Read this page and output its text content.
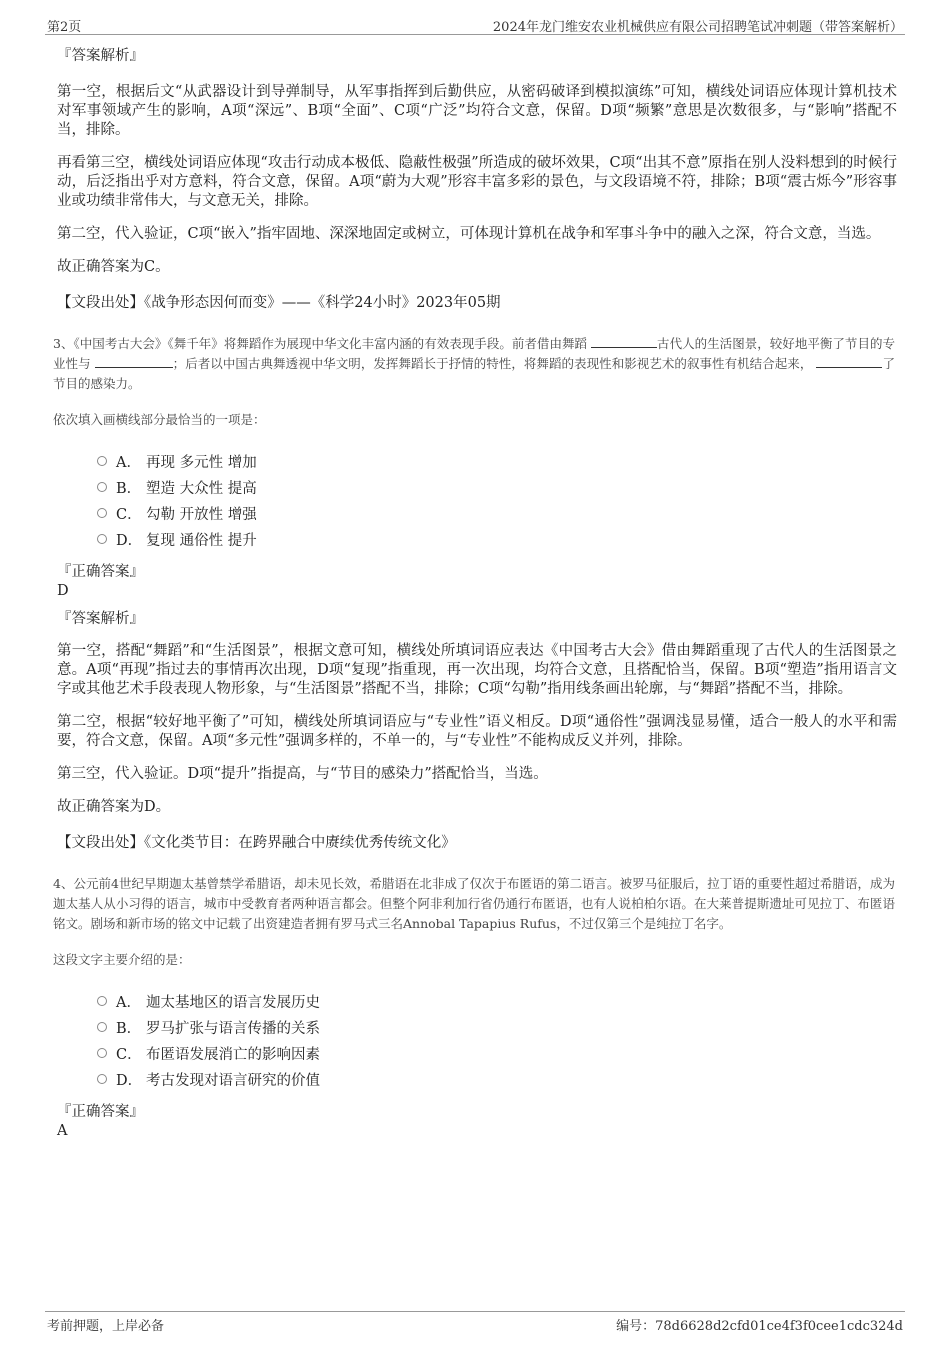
第2页	2024年龙门维安农业机械供应有限公司招聘笔试冲刺题（带答案解析）
『答案解析』

第一空，根据后文“从武器设计到导弹制导，从军事指挥到后勤供应，从密码破译到模拟演练”可知，横线处词语应体现计算机技术对军事领域产生的影响，A项“深远”、B项“全面”、C项“广泛”均符合文意，保留。D项“频繁”意思是次数很多，与“影响”搭配不当，排除。

再看第三空，横线处词语应体现“攻击行动成本极低、隐蔽性极强”所造成的破坏效果，C项“出其不意”原指在别人没料想到的时候行动，后泛指出乎对方意料，符合文意，保留。A项“蔚为大观”形容丰富多彩的景色，与文段语境不符，排除；B项“震古烁今”形容事业或功绩非常伟大，与文意无关，排除。

第二空，代入验证，C项“嵌入”指牢固地、深深地固定或树立，可体现计算机在战争和军事斗争中的融入之深，符合文意，当选。

故正确答案为C。

【文段出处】《战争形态因何而变》——《科学24小时》2023年05期
3、《中国考古大会》《舞千年》将舞蹈作为展现中华文化丰富内涵的有效表现手段。前者借由舞蹈	古代人的生活图景，较好地平衡了节目的专业性与	；后者以中国古典舞透视中华文明，发挥舞蹈长于抒情的特性，将舞蹈的表现性和影视艺术的叙事性有机结合起来，	了节目的感染力。
依次填入画横线部分最恰当的一项是：
A． 再现 多元性 增加
B． 塑造 大众性 提高
C． 勾勒 开放性 增强
D． 复现 通俗性 提升
『正确答案』
D
『答案解析』

第一空，搭配“舞蹈”和“生活图景”，根据文意可知，横线处所填词语应表达《中国考古大会》借由舞蹈重现了古代人的生活图景之意。A项“再现”指过去的事情再次出现，D项“复现”指重现，再一次出现，均符合文意，且搭配恰当，保留。B项“塑造”指用语言文字或其他艺术手段表现人物形象，与“生活图景”搭配不当，排除；C项“勾勒”指用线条画出轮廓，与“舞蹈”搭配不当，排除。

第二空，根据“较好地平衡了”可知，横线处所填词语应与“专业性”语义相反。D项“通俗性”强调浅显易懂，适合一般人的水平和需要，符合文意，保留。A项“多元性”强调多样的，不单一的，与“专业性”不能构成反义并列，排除。

第三空，代入验证。D项“提升”指提高，与“节目的感染力”搭配恰当，当选。

故正确答案为D。

【文段出处】《文化类节目：在跨界融合中赓续优秀传统文化》
4、公元前4世纪早期迦太基曾禁学希腊语，却未见长效，希腊语在北非成了仅次于布匿语的第二语言。被罗马征服后，拉丁语的重要性超过希腊语，成为迦太基人从小习得的语言，城市中受教育者两种语言都会。但整个阿非利加行省仍通行布匿语，也有人说柏柏尔语。在大莱普提斯遗址可见拉丁、布匿语铭文。剧场和新市场的铭文中记载了出资建造者拥有罗马式三名Annobal Tapapius Rufus，不过仅第三个是纯拉丁名字。
这段文字主要介绍的是：
A． 迦太基地区的语言发展历史
B． 罗马扩张与语言传播的关系
C． 布匿语发展消亡的影响因素
D． 考古发现对语言研究的价值
『正确答案』
A
考前押题，上岸必备	编号：78d6628d2cfd01ce4f3f0cee1cdc324d
